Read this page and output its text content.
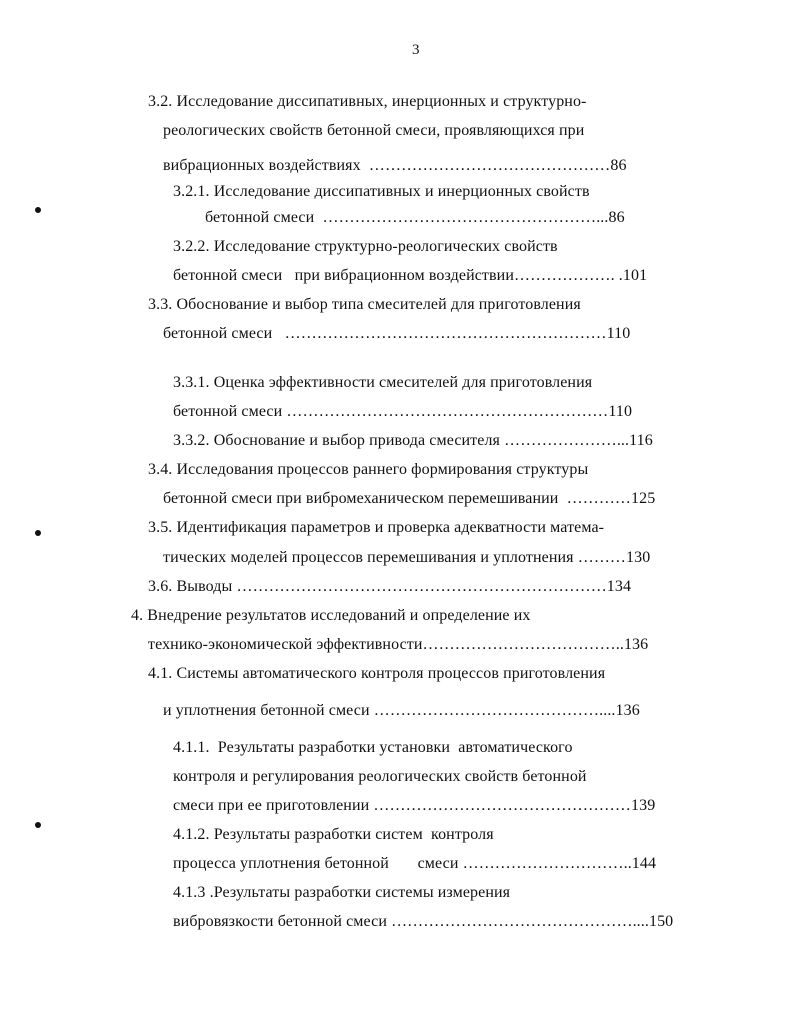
3
3.2. Исследование диссипативных, инерционных и структурно-
реологических свойств бетонной смеси, проявляющихся при
вибрационных воздействиях  ………………………………………86
3.2.1. Исследование диссипативных и инерционных свойств
бетонной смеси  ……………………………………………...86
3.2.2. Исследование структурно-реологических свойств
бетонной смеси   при вибрационном воздействии………………. .101
3.3. Обоснование и выбор типа смесителей для приготовления
бетонной смеси   ……………………………………………………110
3.3.1. Оценка эффективности смесителей для приготовления
бетонной смеси ……………………………………………………110
3.3.2. Обоснование и выбор привода смесителя …………………...116
3.4. Исследования процессов раннего формирования структуры
бетонной смеси при вибромеханическом перемешивании  …………125
3.5. Идентификация параметров и проверка адекватности матема-
тических моделей процессов перемешивания и уплотнения ………130
3.6. Выводы ……………………………………………………………134
4. Внедрение результатов исследований и определение их
технико-экономической эффективности………………………………..136
4.1. Системы автоматического контроля процессов приготовления
и уплотнения бетонной смеси ……………………………………....136
4.1.1.  Результаты разработки установки  автоматического
контроля и регулирования реологических свойств бетонной
смеси при ее приготовлении …………………………………………139
4.1.2. Результаты разработки систем  контроля
процесса уплотнения бетонной       смеси …………………………..144
4.1.3 .Результаты разработки системы измерения
вибровязкости бетонной смеси ………………………………………....150
